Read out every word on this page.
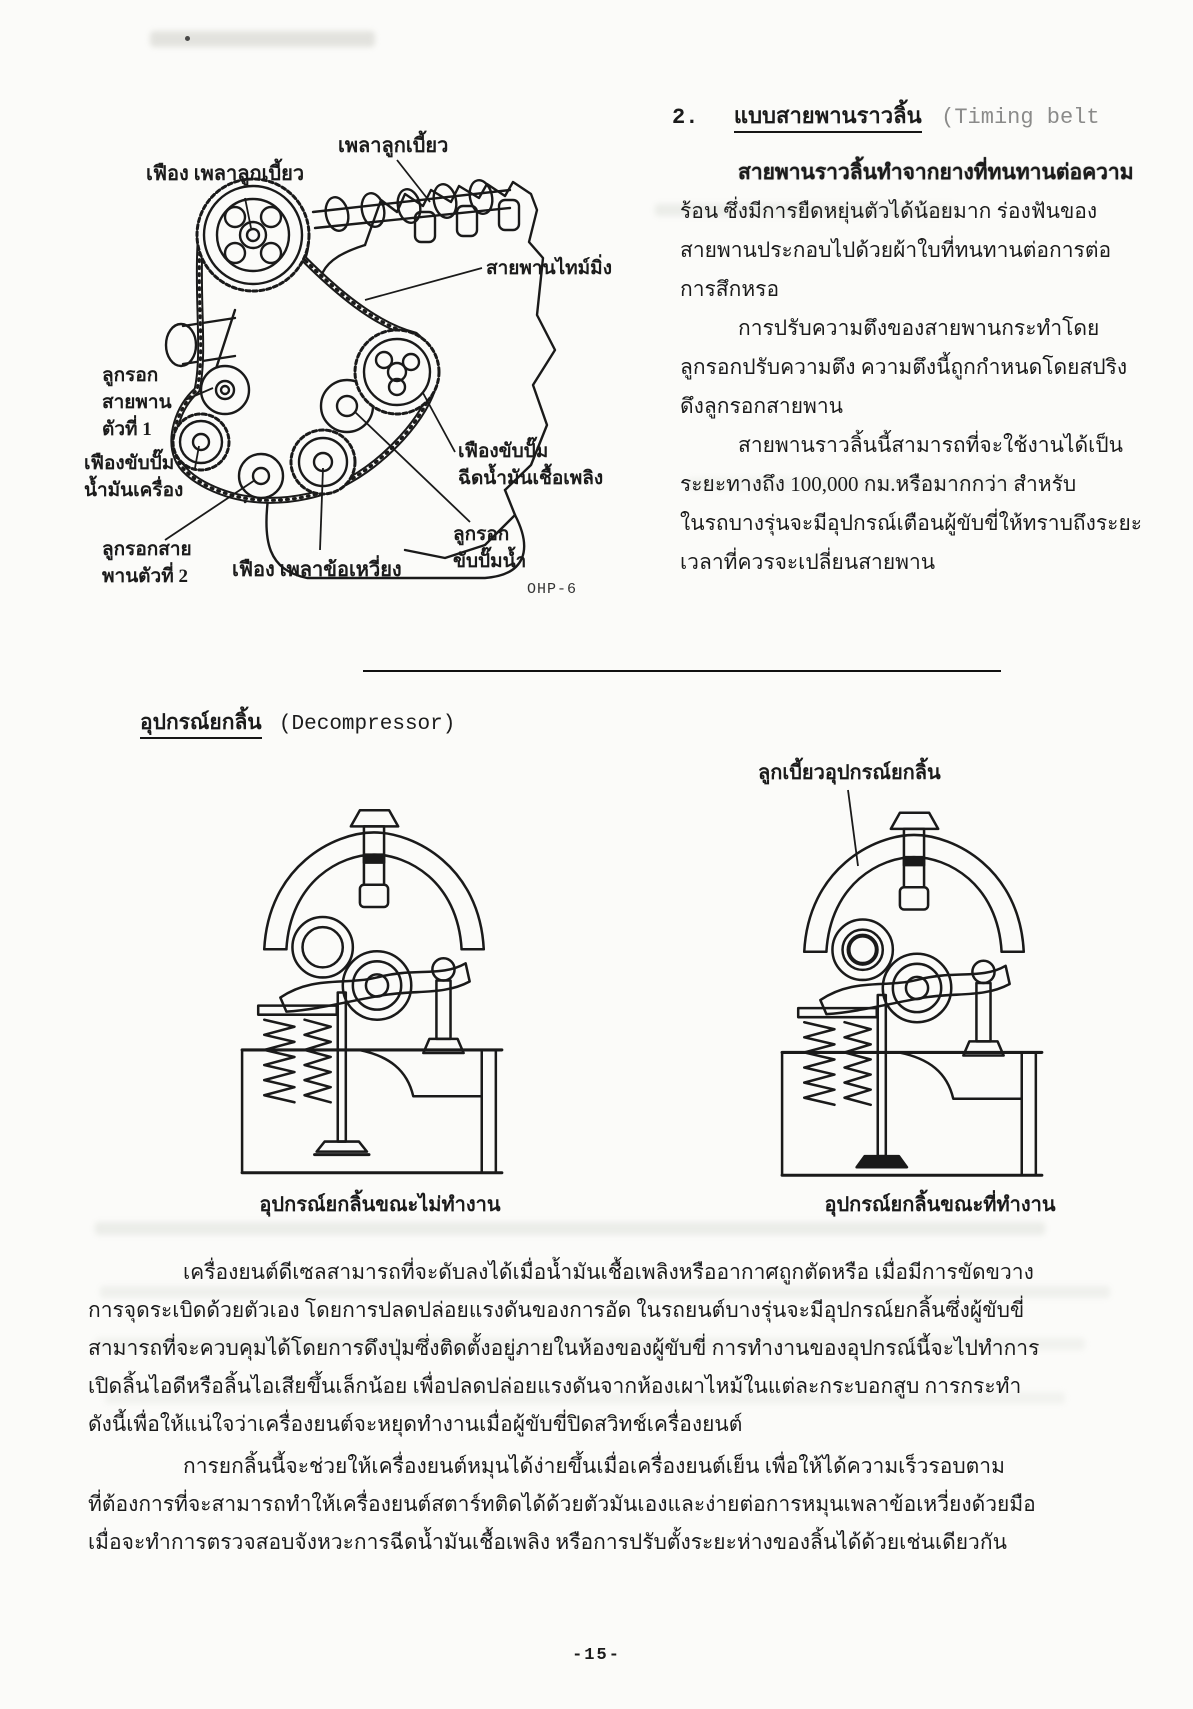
2. แบบสายพานราวลิ้น (Timing belt
สายพานราวลิ้นทำจากยางที่ทนทานต่อความ
ร้อน ซึ่งมีการยืดหยุ่นตัวได้น้อยมาก ร่องฟันของ
สายพานประกอบไปด้วยผ้าใบที่ทนทานต่อการต่อ
การสึกหรอ
การปรับความตึงของสายพานกระทำโดย
ลูกรอกปรับความตึง ความตึงนี้ถูกกำหนดโดยสปริง
ดึงลูกรอกสายพาน
สายพานราวลิ้นนี้สามารถที่จะใช้งานได้เป็น
ระยะทางถึง 100,000 กม.หรือมากกว่า สำหรับ
ในรถบางรุ่นจะมีอุปกรณ์เตือนผู้ขับขี่ให้ทราบถึงระยะ
เวลาที่ควรจะเปลี่ยนสายพาน
เพลาลูกเบี้ยว
เฟือง เพลาลูกเบี้ยว
สายพานไทม์มิ่ง
ลูกรอก
สายพาน
ตัวที่ 1
เฟืองขับปั๊ม
น้ำมันเครื่อง
เฟืองขับปั๊ม
ฉีดน้ำมันเชื้อเพลิง
ลูกรอกสาย
พานตัวที่ 2 เฟือง เพลาข้อเหวี่ยง
ลูกรอก
ขับปั๊มน้ำ
OHP-6
อุปกรณ์ยกลิ้น (Decompressor)
ลูกเบี้ยวอุปกรณ์ยกลิ้น
อุปกรณ์ยกลิ้นขณะไม่ทำงาน	อุปกรณ์ยกลิ้นขณะที่ทำงาน
เครื่องยนต์ดีเซลสามารถที่จะดับลงได้เมื่อน้ำมันเชื้อเพลิงหรืออากาศถูกตัดหรือ เมื่อมีการขัดขวาง
การจุดระเบิดด้วยตัวเอง โดยการปลดปล่อยแรงดันของการอัด ในรถยนต์บางรุ่นจะมีอุปกรณ์ยกลิ้นซึ่งผู้ขับขี่
สามารถที่จะควบคุมได้โดยการดึงปุ่มซึ่งติดตั้งอยู่ภายในห้องของผู้ขับขี่ การทำงานของอุปกรณ์นี้จะไปทำการ
เปิดลิ้นไอดีหรือลิ้นไอเสียขึ้นเล็กน้อย เพื่อปลดปล่อยแรงดันจากห้องเผาไหม้ในแต่ละกระบอกสูบ การกระทำ
ดังนี้เพื่อให้แน่ใจว่าเครื่องยนต์จะหยุดทำงานเมื่อผู้ขับขี่ปิดสวิทช์เครื่องยนต์
การยกลิ้นนี้จะช่วยให้เครื่องยนต์หมุนได้ง่ายขึ้นเมื่อเครื่องยนต์เย็น เพื่อให้ได้ความเร็วรอบตาม
ที่ต้องการที่จะสามารถทำให้เครื่องยนต์สตาร์ทติดได้ด้วยตัวมันเองและง่ายต่อการหมุนเพลาข้อเหวี่ยงด้วยมือ
เมื่อจะทำการตรวจสอบจังหวะการฉีดน้ำมันเชื้อเพลิง หรือการปรับตั้งระยะห่างของลิ้นได้ด้วยเช่นเดียวกัน
-15-
